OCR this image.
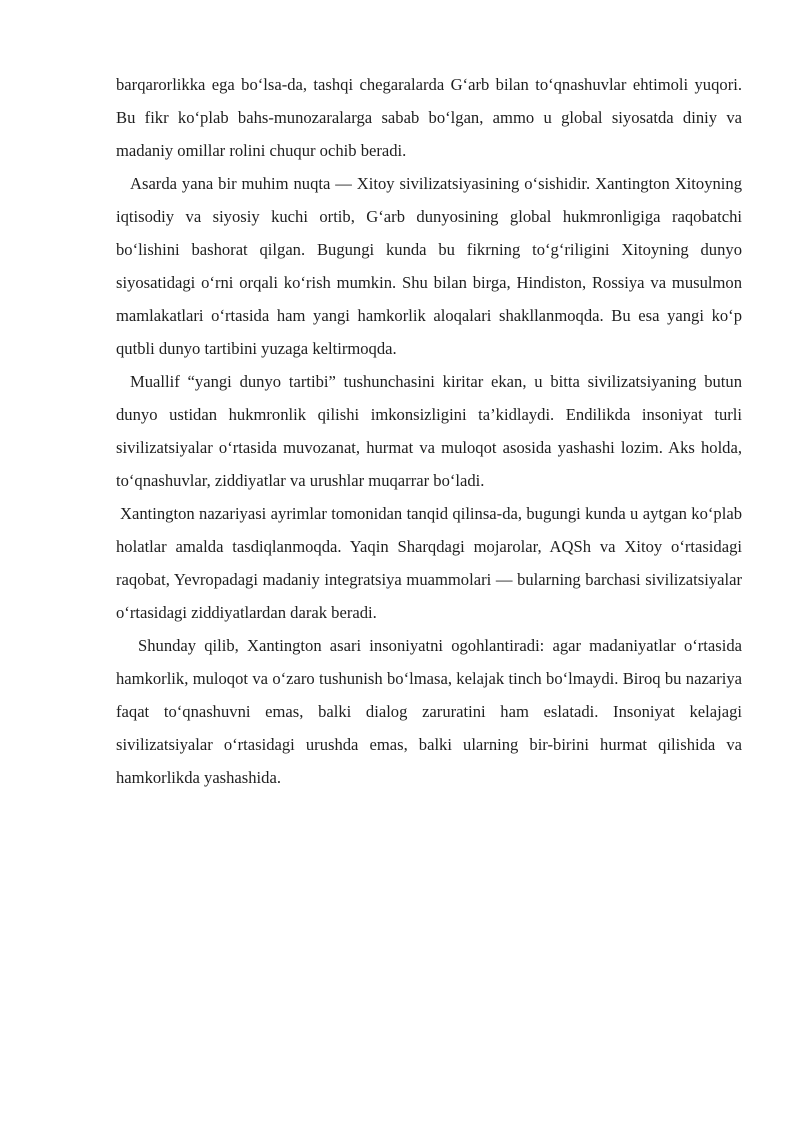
barqarorlikka ega bo‘lsa-da, tashqi chegaralarda G‘arb bilan to‘qnashuvlar ehtimoli yuqori. Bu fikr ko‘plab bahs-munozaralarga sabab bo‘lgan, ammo u global siyosatda diniy va madaniy omillar rolini chuqur ochib beradi.

Asarda yana bir muhim nuqta — Xitoy sivilizatsiyasining o‘sishidir. Xantington Xitoyning iqtisodiy va siyosiy kuchi ortib, G‘arb dunyosining global hukmronligiga raqobatchi bo‘lishini bashorat qilgan. Bugungi kunda bu fikrning to‘g‘riligini Xitoyning dunyo siyosatidagi o‘rni orqali ko‘rish mumkin. Shu bilan birga, Hindiston, Rossiya va musulmon mamlakatlari o‘rtasida ham yangi hamkorlik aloqalari shakllanmoqda. Bu esa yangi ko‘p qutbli dunyo tartibini yuzaga keltirmoqda.

Muallif “yangi dunyo tartibi” tushunchasini kiritar ekan, u bitta sivilizatsiyaning butun dunyo ustidan hukmronlik qilishi imkonsizligini ta’kidlaydi. Endilikda insoniyat turli sivilizatsiyalar o‘rtasida muvozanat, hurmat va muloqot asosida yashashi lozim. Aks holda, to‘qnashuvlar, ziddiyatlar va urushlar muqarrar bo‘ladi.

Xantington nazariyasi ayrimlar tomonidan tanqid qilinsa-da, bugungi kunda u aytgan ko‘plab holatlar amalda tasdiqlanmoqda. Yaqin Sharqdagi mojarolar, AQSh va Xitoy o‘rtasidagi raqobat, Yevropadagi madaniy integratsiya muammolari — bularning barchasi sivilizatsiyalar o‘rtasidagi ziddiyatlardan darak beradi.

Shunday qilib, Xantington asari insoniyatni ogohlantiradi: agar madaniyatlar o‘rtasida hamkorlik, muloqot va o‘zaro tushunish bo‘lmasa, kelajak tinch bo‘lmaydi. Biroq bu nazariya faqat to‘qnashuvni emas, balki dialog zaruratini ham eslatadi. Insoniyat kelajagi sivilizatsiyalar o‘rtasidagi urushda emas, balki ularning bir-birini hurmat qilishida va hamkorlikda yashashida.
